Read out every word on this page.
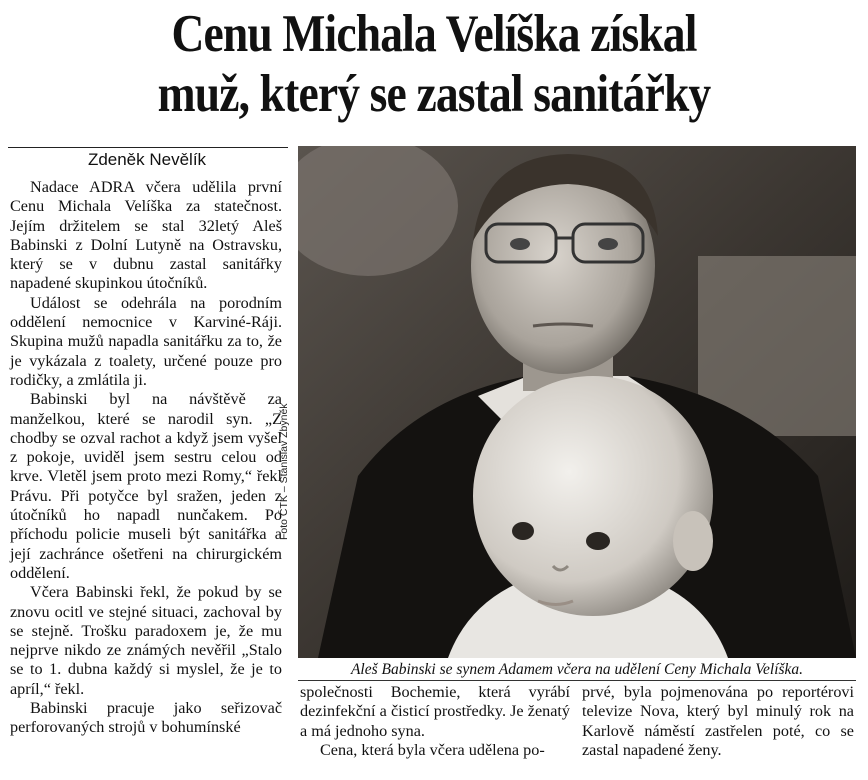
Cenu Michala Velíška získal
muž, který se zastal sanitářky
Zdeněk Nevělík

Nadace ADRA včera udělila první Cenu Michala Velíška za statečnost. Jejím držitelem se stal 32letý Aleš Babinski z Dolní Lutyně na Ostravsku, který se v dubnu zastal sanitářky napadené skupinkou útočníků.

Událost se odehrála na porodním oddělení nemocnice v Karviné-Ráji. Skupina mužů napadla sanitářku za to, že je vykázala z toalety, určené pouze pro rodičky, a zmlátila ji.

Babinski byl na návštěvě za manželkou, které se narodil syn. „Z chodby se ozval rachot a když jsem vyšel z pokoje, uviděl jsem sestru celou od krve. Vletěl jsem proto mezi Romy,“ řekl Právu. Při potyčce byl sražen, jeden z útočníků ho napadl nunčakem. Po příchodu policie museli být sanitářka a její zachránce ošetřeni na chirurgickém oddělení.

Včera Babinski řekl, že pokud by se znovu ocitl ve stejné situaci, zachoval by se stejně. Trošku paradoxem je, že mu nejprve nikdo ze známých nevěřil „Stalo se to 1. dubna každý si myslel, že je to apríl,“ řekl.

Babinski pracuje jako seřizovač perforovaných strojů v bohumínské

Foto ČTK – Stanislav Zbyněk
Aleš Babinski se synem Adamem včera na udělení Ceny Michala Velíška.

společnosti Bochemie, která vyrábí dezinfekční a čisticí prostředky. Je ženatý a má jednoho syna.

Cena, která byla včera udělena po-

prvé, byla pojmenována po reportérovi televize Nova, který byl minulý rok na Karlově náměstí zastřelen poté, co se zastal napadené ženy.
